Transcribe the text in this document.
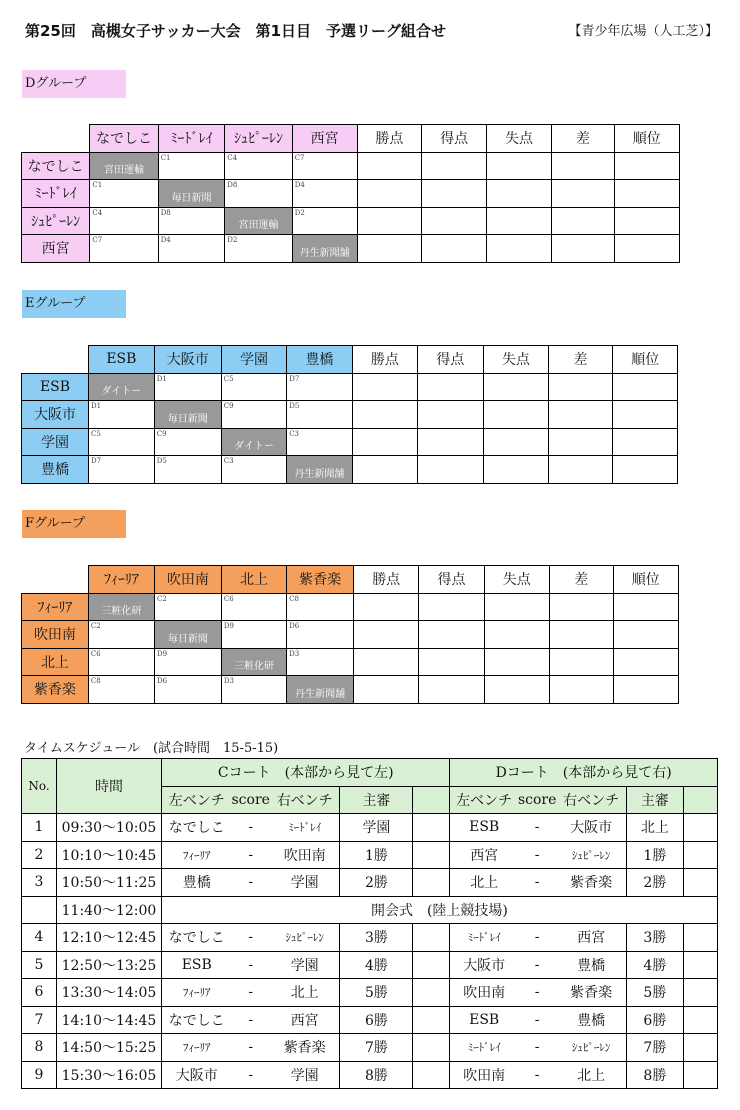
第25回　高槻女子サッカー大会　第1日目　予選リーグ組合せ	【青少年広場（人工芝）】
Dグループ
	なでしこ	ﾐｰﾄﾞﾚｲ	ｼｭﾋﾟｰﾚﾝ	西宮	勝点	得点	失点	差	順位
なでしこ	宮田運輸	C1	C4	C7					

ﾐｰﾄﾞﾚｲ	C1	毎日新聞	D8	D4					

ｼｭﾋﾟｰﾚﾝ	C4	D8	宮田運輸	D2					

西宮	C7	D4	D2	丹生新聞舗					

Eグループ
	ESB	大阪市	学園	豊橋	勝点	得点	失点	差	順位
ESB	ダイトー	D1	C5	D7					

大阪市	D1	毎日新聞	C9	D5					

学園	C5	C9	ダイトー	C3					

豊橋	D7	D5	C3	丹生新聞舗					

Fグループ
	ﾌｨｰﾘｱ	吹田南	北上	紫香楽	勝点	得点	失点	差	順位
ﾌｨｰﾘｱ	三粧化研	C2	C6	C8					

吹田南	C2	毎日新聞	D9	D6					

北上	C6	D9	三粧化研	D3					

紫香楽	C8	D6	D3	丹生新聞舗					

タイムスケジュール　(試合時間　15-5-15)
No.	時間	Cコート　(本部から見て左)					Dコート　(本部から見て右)				
		左ベンチ	score	右ベンチ	主審		左ベンチ	score	右ベンチ	主審	
1	09:30～10:05	なでしこ	-	ﾐｰﾄﾞﾚｲ	学園		ESB	-	大阪市	北上	
2	10:10～10:45	ﾌｨｰﾘｱ	-	吹田南	1勝		西宮	-	ｼｭﾋﾟｰﾚﾝ	1勝	
3	10:50～11:25	豊橋	-	学園	2勝		北上	-	紫香楽	2勝	
	11:40～12:00	開会式　(陸上競技場)									
4	12:10～12:45	なでしこ	-	ｼｭﾋﾟｰﾚﾝ	3勝		ﾐｰﾄﾞﾚｲ	-	西宮	3勝	
5	12:50～13:25	ESB	-	学園	4勝		大阪市	-	豊橋	4勝	
6	13:30～14:05	ﾌｨｰﾘｱ	-	北上	5勝		吹田南	-	紫香楽	5勝	
7	14:10～14:45	なでしこ	-	西宮	6勝		ESB	-	豊橋	6勝	
8	14:50～15:25	ﾌｨｰﾘｱ	-	紫香楽	7勝		ﾐｰﾄﾞﾚｲ	-	ｼｭﾋﾟｰﾚﾝ	7勝	
9	15:30～16:05	大阪市	-	学園	8勝		吹田南	-	北上	8勝	
